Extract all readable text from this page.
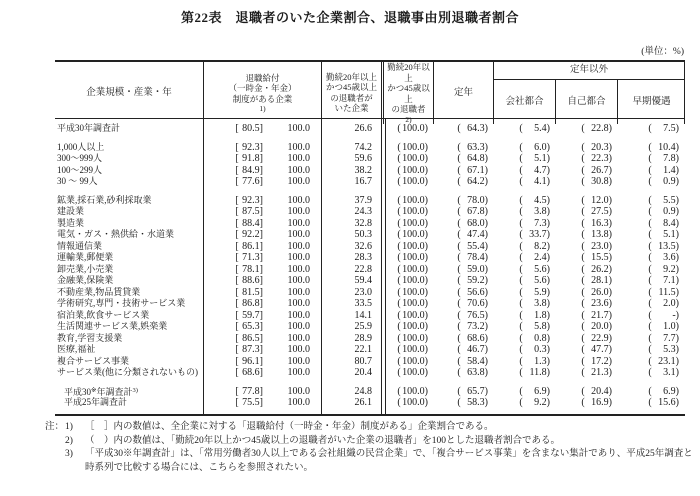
第22表　退職者のいた企業割合、退職事由別退職者割合
(単位：%)
企業規模・産業・年
退職給付
（一時金・年金）
制度がある企業
1)
勤続20年以上
かつ45歳以上
の退職者が
いた企業
勤続20年以上
かつ45歳以上
の退職者
2)
定年
定年以外
会社都合	自己都合	早期優遇
平成30年調査計	[ 80.5 ]	100.0	26.6	( 100.0 )	( 64.3 )	(	5.4 )	( 22.8 )	(	7.5 )
1,000人以上	[ 92.3 ]	100.0	74.2	( 100.0 )	( 63.3 )	(	6.0 )	( 20.3 )	( 10.4 )
300～999人	[ 91.8 ]	100.0	59.6	( 100.0 )	( 64.8 )	(	5.1 )	( 22.3 )	(	7.8 )
100～299人	[ 84.9 ]	100.0	38.2	( 100.0 )	( 67.1 )	(	4.7 )	( 26.7 )	(	1.4 )
30 ～ 99人	[ 77.6 ]	100.0	16.7	( 100.0 )	( 64.2 )	(	4.1 )	( 30.8 )	(	0.9 )
鉱業,採石業,砂利採取業	[ 92.3 ]	100.0	37.9	( 100.0 )	( 78.0 )	(	4.5 )	( 12.0 )	(	5.5 )
建設業	[ 87.5 ]	100.0	24.3	( 100.0 )	( 67.8 )	(	3.8 )	( 27.5 )	(	0.9 )
製造業	[ 88.4 ]	100.0	32.8	( 100.0 )	( 68.0 )	(	7.3 )	( 16.3 )	(	8.4 )
電気・ガス・熱供給・水道業	[ 92.2 ]	100.0	50.3	( 100.0 )	( 47.4 )	( 33.7 )	( 13.8 )	(	5.1 )
情報通信業	[ 86.1 ]	100.0	32.6	( 100.0 )	( 55.4 )	(	8.2 )	( 23.0 )	( 13.5 )
運輸業,郵便業	[ 71.3 ]	100.0	28.3	( 100.0 )	( 78.4 )	(	2.4 )	( 15.5 )	(	3.6 )
卸売業,小売業	[ 78.1 ]	100.0	22.8	( 100.0 )	( 59.0 )	(	5.6 )	( 26.2 )	(	9.2 )
金融業,保険業	[ 88.6 ]	100.0	59.4	( 100.0 )	( 59.2 )	(	5.6 )	( 28.1 )	(	7.1 )
不動産業,物品賃貸業	[ 81.5 ]	100.0	23.0	( 100.0 )	( 56.6 )	(	5.9 )	( 26.0 )	( 11.5 )
学術研究,専門・技術サービス業	[ 86.8 ]	100.0	33.5	( 100.0 )	( 70.6 )	(	3.8 )	( 23.6 )	(	2.0 )
宿泊業,飲食サービス業	[ 59.7 ]	100.0	14.1	( 100.0 )	( 76.5 )	(	1.8 )	( 21.7 )	(	- )
生活関連サービス業,娯楽業	[ 65.3 ]	100.0	25.9	( 100.0 )	( 73.2 )	(	5.8 )	( 20.0 )	(	1.0 )
教育,学習支援業	[ 86.5 ]	100.0	28.9	( 100.0 )	( 68.6 )	(	0.8 )	( 22.9 )	(	7.7 )
医療,福祉	[ 87.3 ]	100.0	22.1	( 100.0 )	( 46.7 )	(	0.3 )	( 47.7 )	(	5.3 )
複合サービス事業	[ 96.1 ]	100.0	80.7	( 100.0 )	( 58.4 )	(	1.3 )	( 17.2 )	( 23.1 )
サービス業(他に分類されないもの)	[ 68.6 ]	100.0	20.4	( 100.0 )	( 63.8 )	( 11.8 )	( 21.3 )	(	3.1 )
平成30※年調査計$^{3)}$	[ 77.8 ]	100.0	24.8	( 100.0 )	( 65.7 )	(	6.9 )	( 20.4 )	(	6.9 )
平成25年調査計	[ 75.5 ]	100.0	26.1	( 100.0 )	( 58.3 )	(	9.2 )	( 16.9 )	( 15.6 )
注： 1)	［　］内の数値は、全企業に対する「退職給付（一時金・年金）制度がある」企業割合である。
2)	（　）内の数値は、「勤続20年以上かつ45歳以上の退職者がいた企業の退職者」を100とした退職者割合である。
3)	「平成30※年調査計」は、「常用労働者30人以上である会社組織の民営企業」で、「複合サービス事業」を含まない集計であり、平成25年調査と時系列で比較する場合には、こちらを参照されたい。
